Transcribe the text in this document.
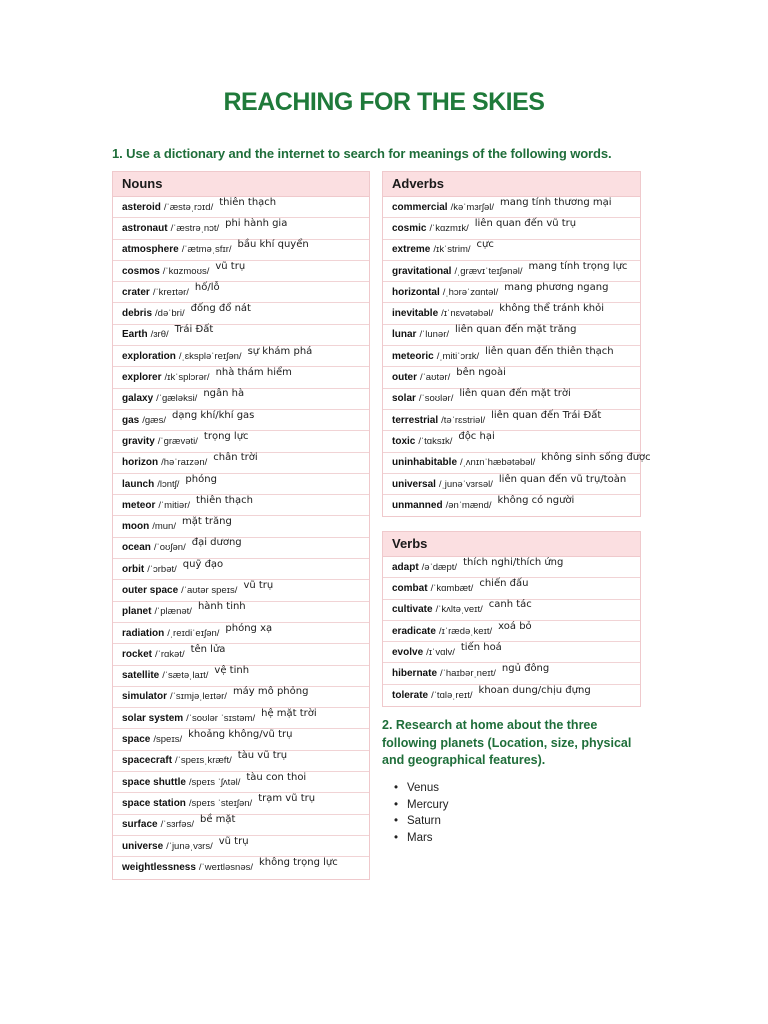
REACHING FOR THE SKIES
1. Use a dictionary and the internet to search for meanings of the following words.
Nouns
asteroid /ˈæstəˌrɔɪd/ thiên thạch
astronaut /ˈæstrəˌnɔt/ phi hành gia
atmosphere /ˈætməˌsfɪr/ bầu khí quyển
cosmos /ˈkɑzmoʊs/ vũ trụ
crater /ˈkreɪtər/ hố/lỗ
debris /dəˈbri/ đống đổ nát
Earth /ɜrθ/ Trái Đất
exploration /ˌɛkspləˈreɪʃən/ sự khám phá
explorer /ɪkˈsplɔrər/ nhà thám hiểm
galaxy /ˈɡæləksi/ ngân hà
gas /ɡæs/ dạng khí/khí gas
gravity /ˈɡrævəti/ trọng lực
horizon /həˈraɪzən/ chân trời
launch /lɔntʃ/ phóng
meteor /ˈmitiər/ thiên thạch
moon /mun/ mặt trăng
ocean /ˈoʊʃən/ đại dương
orbit /ˈɔrbət/ quỹ đạo
outer space /ˈaʊtər speɪs/ vũ trụ
planet /ˈplænət/ hành tinh
radiation /ˌreɪdiˈeɪʃən/ phóng xạ
rocket /ˈrɑkət/ tên lửa
satellite /ˈsætəˌlaɪt/ vệ tinh
simulator /ˈsɪmjəˌleɪtər/ máy mô phỏng
solar system /ˈsoʊlər ˈsɪstəm/ hệ mặt trời
space /speɪs/ khoảng không/vũ trụ
spacecraft /ˈspeɪsˌkræft/ tàu vũ trụ
space shuttle /speɪs ˈʃʌtəl/ tàu con thoi
space station /speɪs ˈsteɪʃən/ trạm vũ trụ
surface /ˈsɜrfəs/ bề mặt
universe /ˈjunəˌvɜrs/ vũ trụ
weightlessness /ˈweɪtləsnəs/ không trọng lực
Adverbs
commercial /kəˈmɜrʃəl/ mang tính thương mại
cosmic /ˈkɑzmɪk/ liên quan đến vũ trụ
extreme /ɪkˈstrim/ cực
gravitational /ˌɡrævɪˈteɪʃənəl/ mang tính trọng lực
horizontal /ˌhɔrəˈzɑntəl/ mang phương ngang
inevitable /ɪˈnɛvətəbəl/ không thể tránh khỏi
lunar /ˈlunər/ liên quan đến mặt trăng
meteoric /ˌmitiˈɔrɪk/ liên quan đến thiên thạch
outer /ˈaʊtər/ bên ngoài
solar /ˈsoʊlər/ liên quan đến mặt trời
terrestrial /təˈrɛstriəl/ liên quan đến Trái Đất
toxic /ˈtɑksɪk/ độc hại
uninhabitable /ˌʌnɪnˈhæbətəbəl/ không sinh sống được
universal /ˌjunəˈvɜrsəl/ liên quan đến vũ trụ/toàn
unmanned /ənˈmænd/ không có người
Verbs
adapt /əˈdæpt/ thích nghi/thích ứng
combat /ˈkɑmbæt/ chiến đấu
cultivate /ˈkʌltəˌveɪt/ canh tác
eradicate /ɪˈrædəˌkeɪt/ xoá bỏ
evolve /ɪˈvɑlv/ tiến hoá
hibernate /ˈhaɪbərˌneɪt/ ngủ đông
tolerate /ˈtɑləˌreɪt/ khoan dung/chịu đựng
2. Research at home about the three following planets (Location, size, physical and geographical features).
• Venus
• Mercury
• Saturn
• Mars
